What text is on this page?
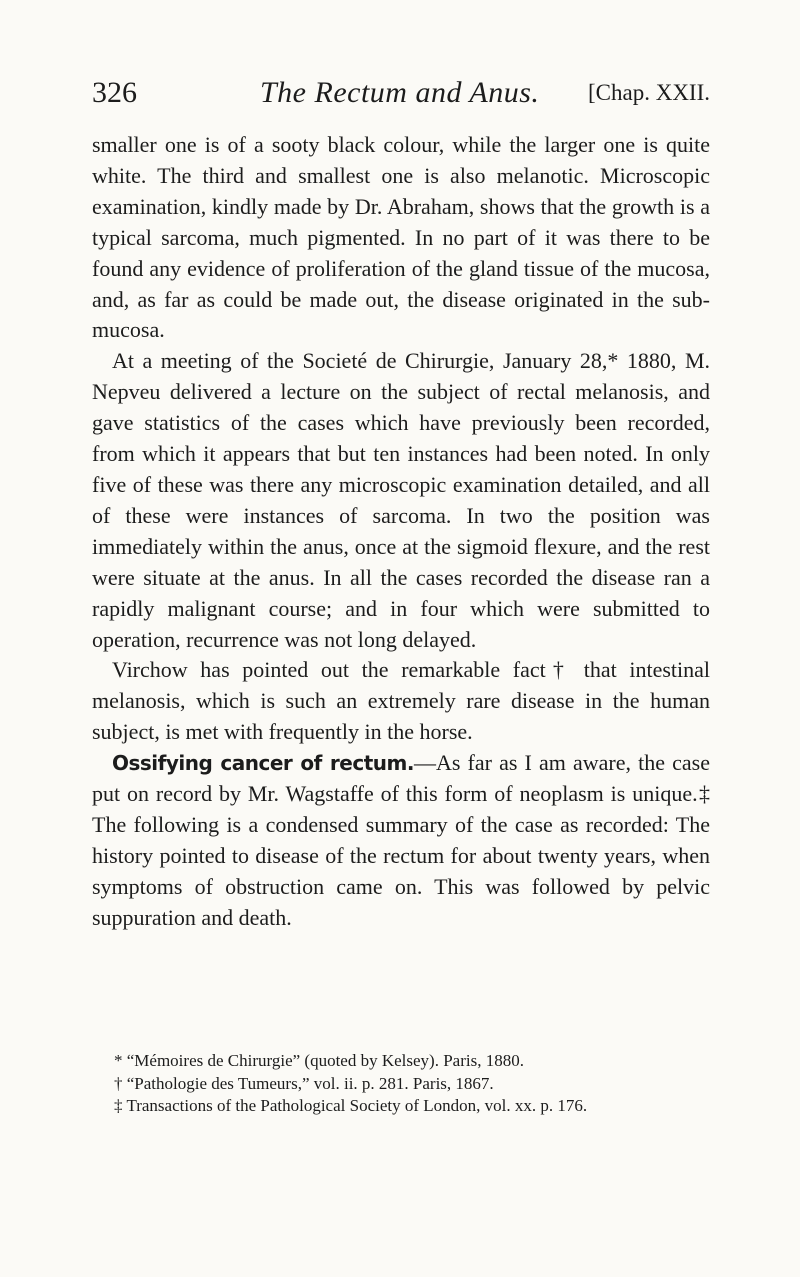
326	The Rectum and Anus. [Chap. XXII.

smaller one is of a sooty black colour, while the larger one is quite white. The third and smallest one is also melanotic. Microscopic examination, kindly made by Dr. Abraham, shows that the growth is a typical sarcoma, much pigmented. In no part of it was there to be found any evidence of proliferation of the gland tissue of the mucosa, and, as far as could be made out, the disease originated in the submucosa.

At a meeting of the Societé de Chirurgie, January 28,* 1880, M. Nepveu delivered a lecture on the subject of rectal melanosis, and gave statistics of the cases which have previously been recorded, from which it appears that but ten instances had been noted. In only five of these was there any microscopic examination detailed, and all of these were instances of sarcoma. In two the position was immediately within the anus, once at the sigmoid flexure, and the rest were situate at the anus. In all the cases recorded the disease ran a rapidly malignant course; and in four which were submitted to operation, recurrence was not long delayed.

Virchow has pointed out the remarkable fact† that intestinal melanosis, which is such an extremely rare disease in the human subject, is met with frequently in the horse.

Ossifying cancer of rectum.—As far as I am aware, the case put on record by Mr. Wagstaffe of this form of neoplasm is unique.‡ The following is a condensed summary of the case as recorded: The history pointed to disease of the rectum for about twenty years, when symptoms of obstruction came on. This was followed by pelvic suppuration and death.

* “Mémoires de Chirurgie” (quoted by Kelsey). Paris, 1880.

† “Pathologie des Tumeurs,” vol. ii. p. 281. Paris, 1867.

‡ Transactions of the Pathological Society of London, vol. xx. p. 176.
